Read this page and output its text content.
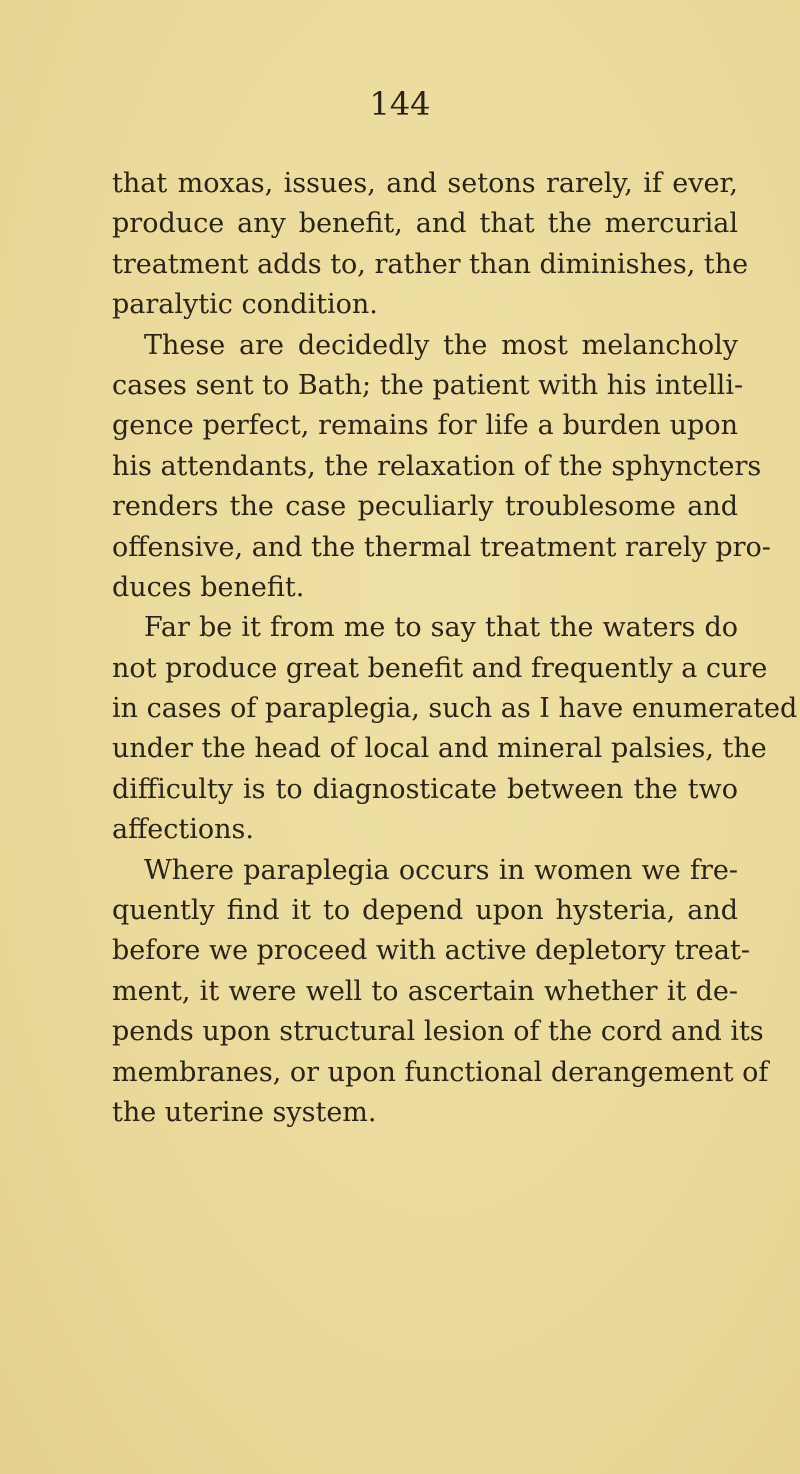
144
that moxas, issues, and setons rarely, if ever,
produce any benefit, and that the mercurial
treatment adds to, rather than diminishes, the
paralytic condition.
These are decidedly the most melancholy
cases sent to Bath; the patient with his intelli-
gence perfect, remains for life a burden upon
his attendants, the relaxation of the sphyncters
renders the case peculiarly troublesome and
offensive, and the thermal treatment rarely pro-
duces benefit.
Far be it from me to say that the waters do
not produce great benefit and frequently a cure
in cases of paraplegia, such as I have enumerated
under the head of local and mineral palsies, the
difficulty is to diagnosticate between the two
affections.
Where paraplegia occurs in women we fre-
quently find it to depend upon hysteria, and
before we proceed with active depletory treat-
ment, it were well to ascertain whether it de-
pends upon structural lesion of the cord and its
membranes, or upon functional derangement of
the uterine system.
